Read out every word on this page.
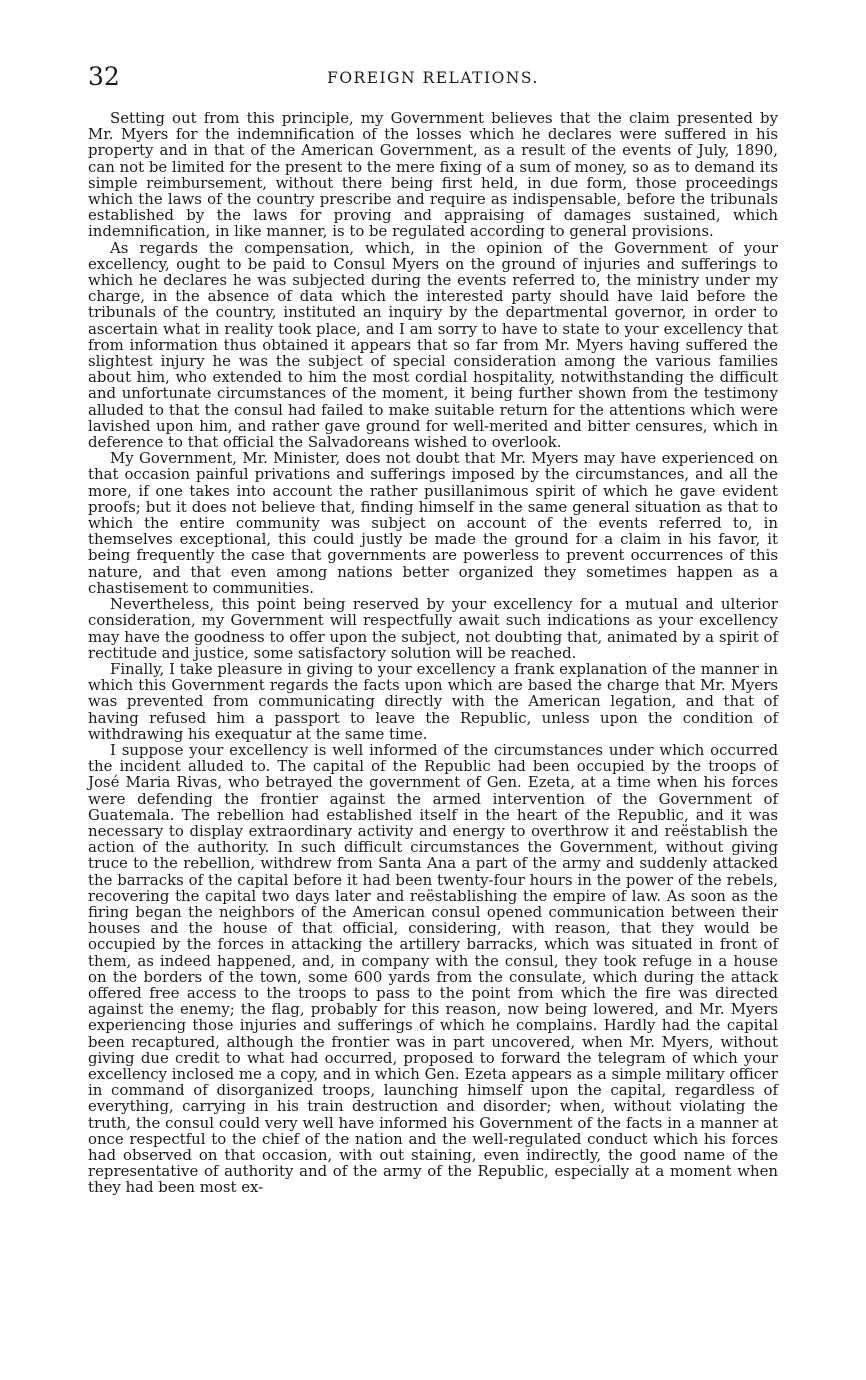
32	FOREIGN RELATIONS.

Setting out from this principle, my Government believes that the claim presented by Mr. Myers for the indemnification of the losses which he declares were suffered in his property and in that of the American Government, as a result of the events of July, 1890, can not be limited for the present to the mere fixing of a sum of money, so as to demand its simple reimbursement, without there being first held, in due form, those proceedings which the laws of the country prescribe and require as indispensable, before the tribunals established by the laws for proving and appraising of damages sustained, which indemnification, in like manner, is to be regulated according to general provisions.

As regards the compensation, which, in the opinion of the Government of your excellency, ought to be paid to Consul Myers on the ground of injuries and sufferings to which he declares he was subjected during the events referred to, the ministry under my charge, in the absence of data which the interested party should have laid before the tribunals of the country, instituted an inquiry by the departmental governor, in order to ascertain what in reality took place, and I am sorry to have to state to your excellency that from information thus obtained it appears that so far from Mr. Myers having suffered the slightest injury he was the subject of special consideration among the various families about him, who extended to him the most cordial hospitality, notwithstanding the difficult and unfortunate circumstances of the moment, it being further shown from the testimony alluded to that the consul had failed to make suitable return for the attentions which were lavished upon him, and rather gave ground for well-merited and bitter censures, which in deference to that official the Salvadoreans wished to overlook.

My Government, Mr. Minister, does not doubt that Mr. Myers may have experienced on that occasion painful privations and sufferings imposed by the circumstances, and all the more, if one takes into account the rather pusillanimous spirit of which he gave evident proofs; but it does not believe that, finding himself in the same general situation as that to which the entire community was subject on account of the events referred to, in themselves exceptional, this could justly be made the ground for a claim in his favor, it being frequently the case that governments are powerless to prevent occurrences of this nature, and that even among nations better organized they sometimes happen as a chastisement to communities.

Nevertheless, this point being reserved by your excellency for a mutual and ulterior consideration, my Government will respectfully await such indications as your excellency may have the goodness to offer upon the subject, not doubting that, animated by a spirit of rectitude and justice, some satisfactory solution will be reached.

Finally, I take pleasure in giving to your excellency a frank explanation of the manner in which this Government regards the facts upon which are based the charge that Mr. Myers was prevented from communicating directly with the American legation, and that of having refused him a passport to leave the Republic, unless upon the condition of withdrawing his exequatur at the same time.

I suppose your excellency is well informed of the circumstances under which occurred the incident alluded to. The capital of the Republic had been occupied by the troops of José Maria Rivas, who betrayed the government of Gen. Ezeta, at a time when his forces were defending the frontier against the armed intervention of the Government of Guatemala. The rebellion had established itself in the heart of the Republic, and it was necessary to display extraordinary activity and energy to overthrow it and reëstablish the action of the authority. In such difficult circumstances the Government, without giving truce to the rebellion, withdrew from Santa Ana a part of the army and suddenly attacked the barracks of the capital before it had been twenty-four hours in the power of the rebels, recovering the capital two days later and reëstablishing the empire of law. As soon as the firing began the neighbors of the American consul opened communication between their houses and the house of that official, considering, with reason, that they would be occupied by the forces in attacking the artillery barracks, which was situated in front of them, as indeed happened, and, in company with the consul, they took refuge in a house on the borders of the town, some 600 yards from the consulate, which during the attack offered free access to the troops to pass to the point from which the fire was directed against the enemy; the flag, probably for this reason, now being lowered, and Mr. Myers experiencing those injuries and sufferings of which he complains. Hardly had the capital been recaptured, although the frontier was in part uncovered, when Mr. Myers, without giving due credit to what had occurred, proposed to forward the telegram of which your excellency inclosed me a copy, and in which Gen. Ezeta appears as a simple military officer in command of disorganized troops, launching himself upon the capital, regardless of everything, carrying in his train destruction and disorder; when, without violating the truth, the consul could very well have informed his Government of the facts in a manner at once respectful to the chief of the nation and the well-regulated conduct which his forces had observed on that occasion, with out staining, even indirectly, the good name of the representative of authority and of the army of the Republic, especially at a moment when they had been most ex-
